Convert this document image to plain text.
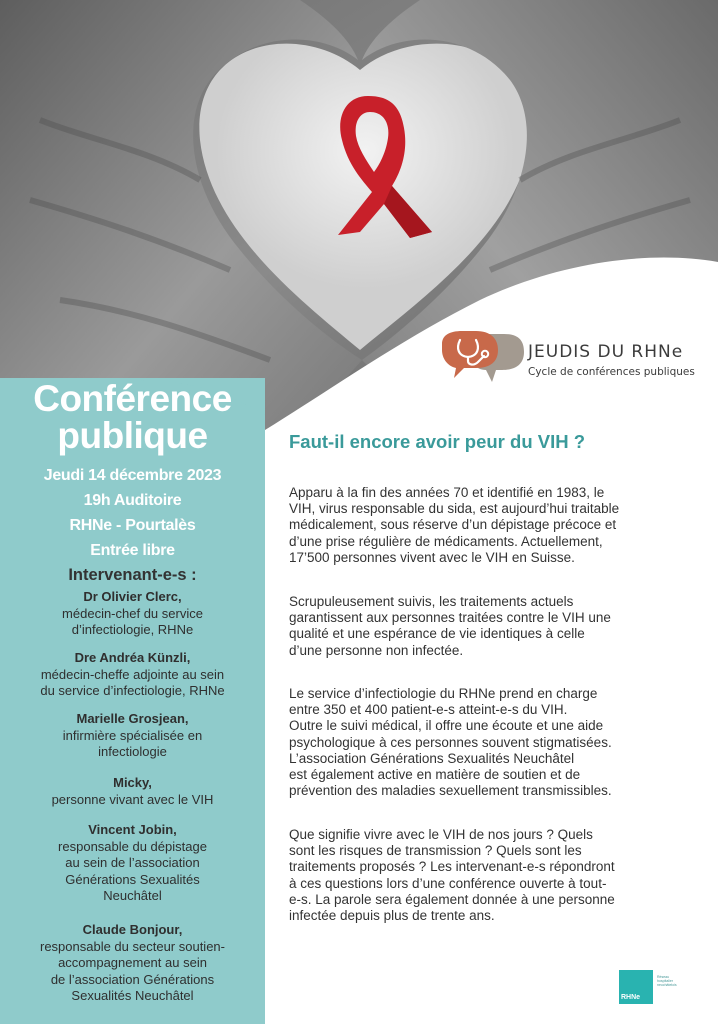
JEUDIS DU RHNe
Cycle de conférences publiques
Conférence
publique
Jeudi 14 décembre 2023
19h Auditoire
RHNe - Pourtalès
Entrée libre
Intervenant-e-s :
Dr Olivier Clerc,
médecin-chef du service
d’infectiologie, RHNe
Dre Andréa Künzli,
médecin-cheffe adjointe au sein
du service d’infectiologie, RHNe
Marielle Grosjean,
infirmière spécialisée en
infectiologie
Micky,
personne vivant avec le VIH
Vincent Jobin,
responsable du dépistage
au sein de l’association
Générations Sexualités
Neuchâtel
Claude Bonjour,
responsable du secteur soutien-
accompagnement au sein
de l’association Générations
Sexualités Neuchâtel
Faut-il encore avoir peur du VIH ?
Apparu à la fin des années 70 et identifié en 1983, le
VIH, virus responsable du sida, est aujourd’hui traitable
médicalement, sous réserve d’un dépistage précoce et
d’une prise régulière de médicaments. Actuellement,
17’500 personnes vivent avec le VIH en Suisse.
Scrupuleusement suivis, les traitements actuels
garantissent aux personnes traitées contre le VIH une
qualité et une espérance de vie identiques à celle
d’une personne non infectée.
Le service d’infectiologie du RHNe prend en charge
entre 350 et 400 patient-e-s atteint-e-s du VIH.
Outre le suivi médical, il offre une écoute et une aide
psychologique à ces personnes souvent stigmatisées.
L’association Générations Sexualités Neuchâtel
est également active en matière de soutien et de
prévention des maladies sexuellement transmissibles.
Que signifie vivre avec le VIH de nos jours ? Quels
sont les risques de transmission ? Quels sont les
traitements proposés ? Les intervenant-e-s répondront
à ces questions lors d’une conférence ouverte à tout-
e-s. La parole sera également donnée à une personne
infectée depuis plus de trente ans.
RHNe
Réseau
hospitalier
neuchâtelois
